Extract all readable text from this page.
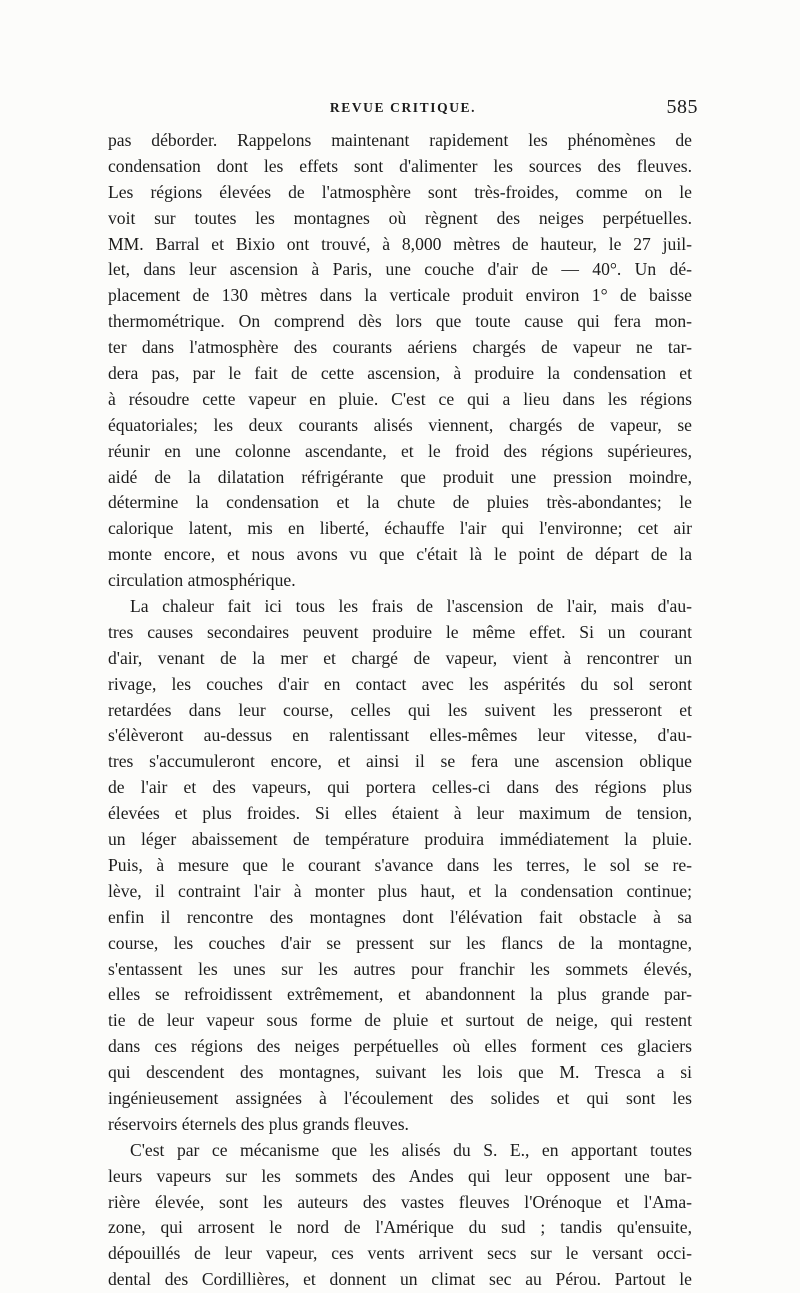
REVUE CRITIQUE.	585
pas déborder. Rappelons maintenant rapidement les phénomènes de
condensation dont les effets sont d'alimenter les sources des fleuves.
Les régions élevées de l'atmosphère sont très-froides, comme on le
voit sur toutes les montagnes où règnent des neiges perpétuelles.
MM. Barral et Bixio ont trouvé, à 8,000 mètres de hauteur, le 27 juil-
let, dans leur ascension à Paris, une couche d'air de — 40°. Un dé-
placement de 130 mètres dans la verticale produit environ 1° de baisse
thermométrique. On comprend dès lors que toute cause qui fera mon-
ter dans l'atmosphère des courants aériens chargés de vapeur ne tar-
dera pas, par le fait de cette ascension, à produire la condensation et
à résoudre cette vapeur en pluie. C'est ce qui a lieu dans les régions
équatoriales; les deux courants alisés viennent, chargés de vapeur, se
réunir en une colonne ascendante, et le froid des régions supérieures,
aidé de la dilatation réfrigérante que produit une pression moindre,
détermine la condensation et la chute de pluies très-abondantes; le
calorique latent, mis en liberté, échauffe l'air qui l'environne; cet air
monte encore, et nous avons vu que c'était là le point de départ de la
circulation atmosphérique.
La chaleur fait ici tous les frais de l'ascension de l'air, mais d'au-
tres causes secondaires peuvent produire le même effet. Si un courant
d'air, venant de la mer et chargé de vapeur, vient à rencontrer un
rivage, les couches d'air en contact avec les aspérités du sol seront
retardées dans leur course, celles qui les suivent les presseront et
s'élèveront au-dessus en ralentissant elles-mêmes leur vitesse, d'au-
tres s'accumuleront encore, et ainsi il se fera une ascension oblique
de l'air et des vapeurs, qui portera celles-ci dans des régions plus
élevées et plus froides. Si elles étaient à leur maximum de tension,
un léger abaissement de température produira immédiatement la pluie.
Puis, à mesure que le courant s'avance dans les terres, le sol se re-
lève, il contraint l'air à monter plus haut, et la condensation continue;
enfin il rencontre des montagnes dont l'élévation fait obstacle à sa
course, les couches d'air se pressent sur les flancs de la montagne,
s'entassent les unes sur les autres pour franchir les sommets élevés,
elles se refroidissent extrêmement, et abandonnent la plus grande par-
tie de leur vapeur sous forme de pluie et surtout de neige, qui restent
dans ces régions des neiges perpétuelles où elles forment ces glaciers
qui descendent des montagnes, suivant les lois que M. Tresca a si
ingénieusement assignées à l'écoulement des solides et qui sont les
réservoirs éternels des plus grands fleuves.
C'est par ce mécanisme que les alisés du S. E., en apportant toutes
leurs vapeurs sur les sommets des Andes qui leur opposent une bar-
rière élevée, sont les auteurs des vastes fleuves l'Orénoque et l'Ama-
zone, qui arrosent le nord de l'Amérique du sud ; tandis qu'ensuite,
dépouillés de leur vapeur, ces vents arrivent secs sur le versant occi-
dental des Cordillières, et donnent un climat sec au Pérou. Partout le
